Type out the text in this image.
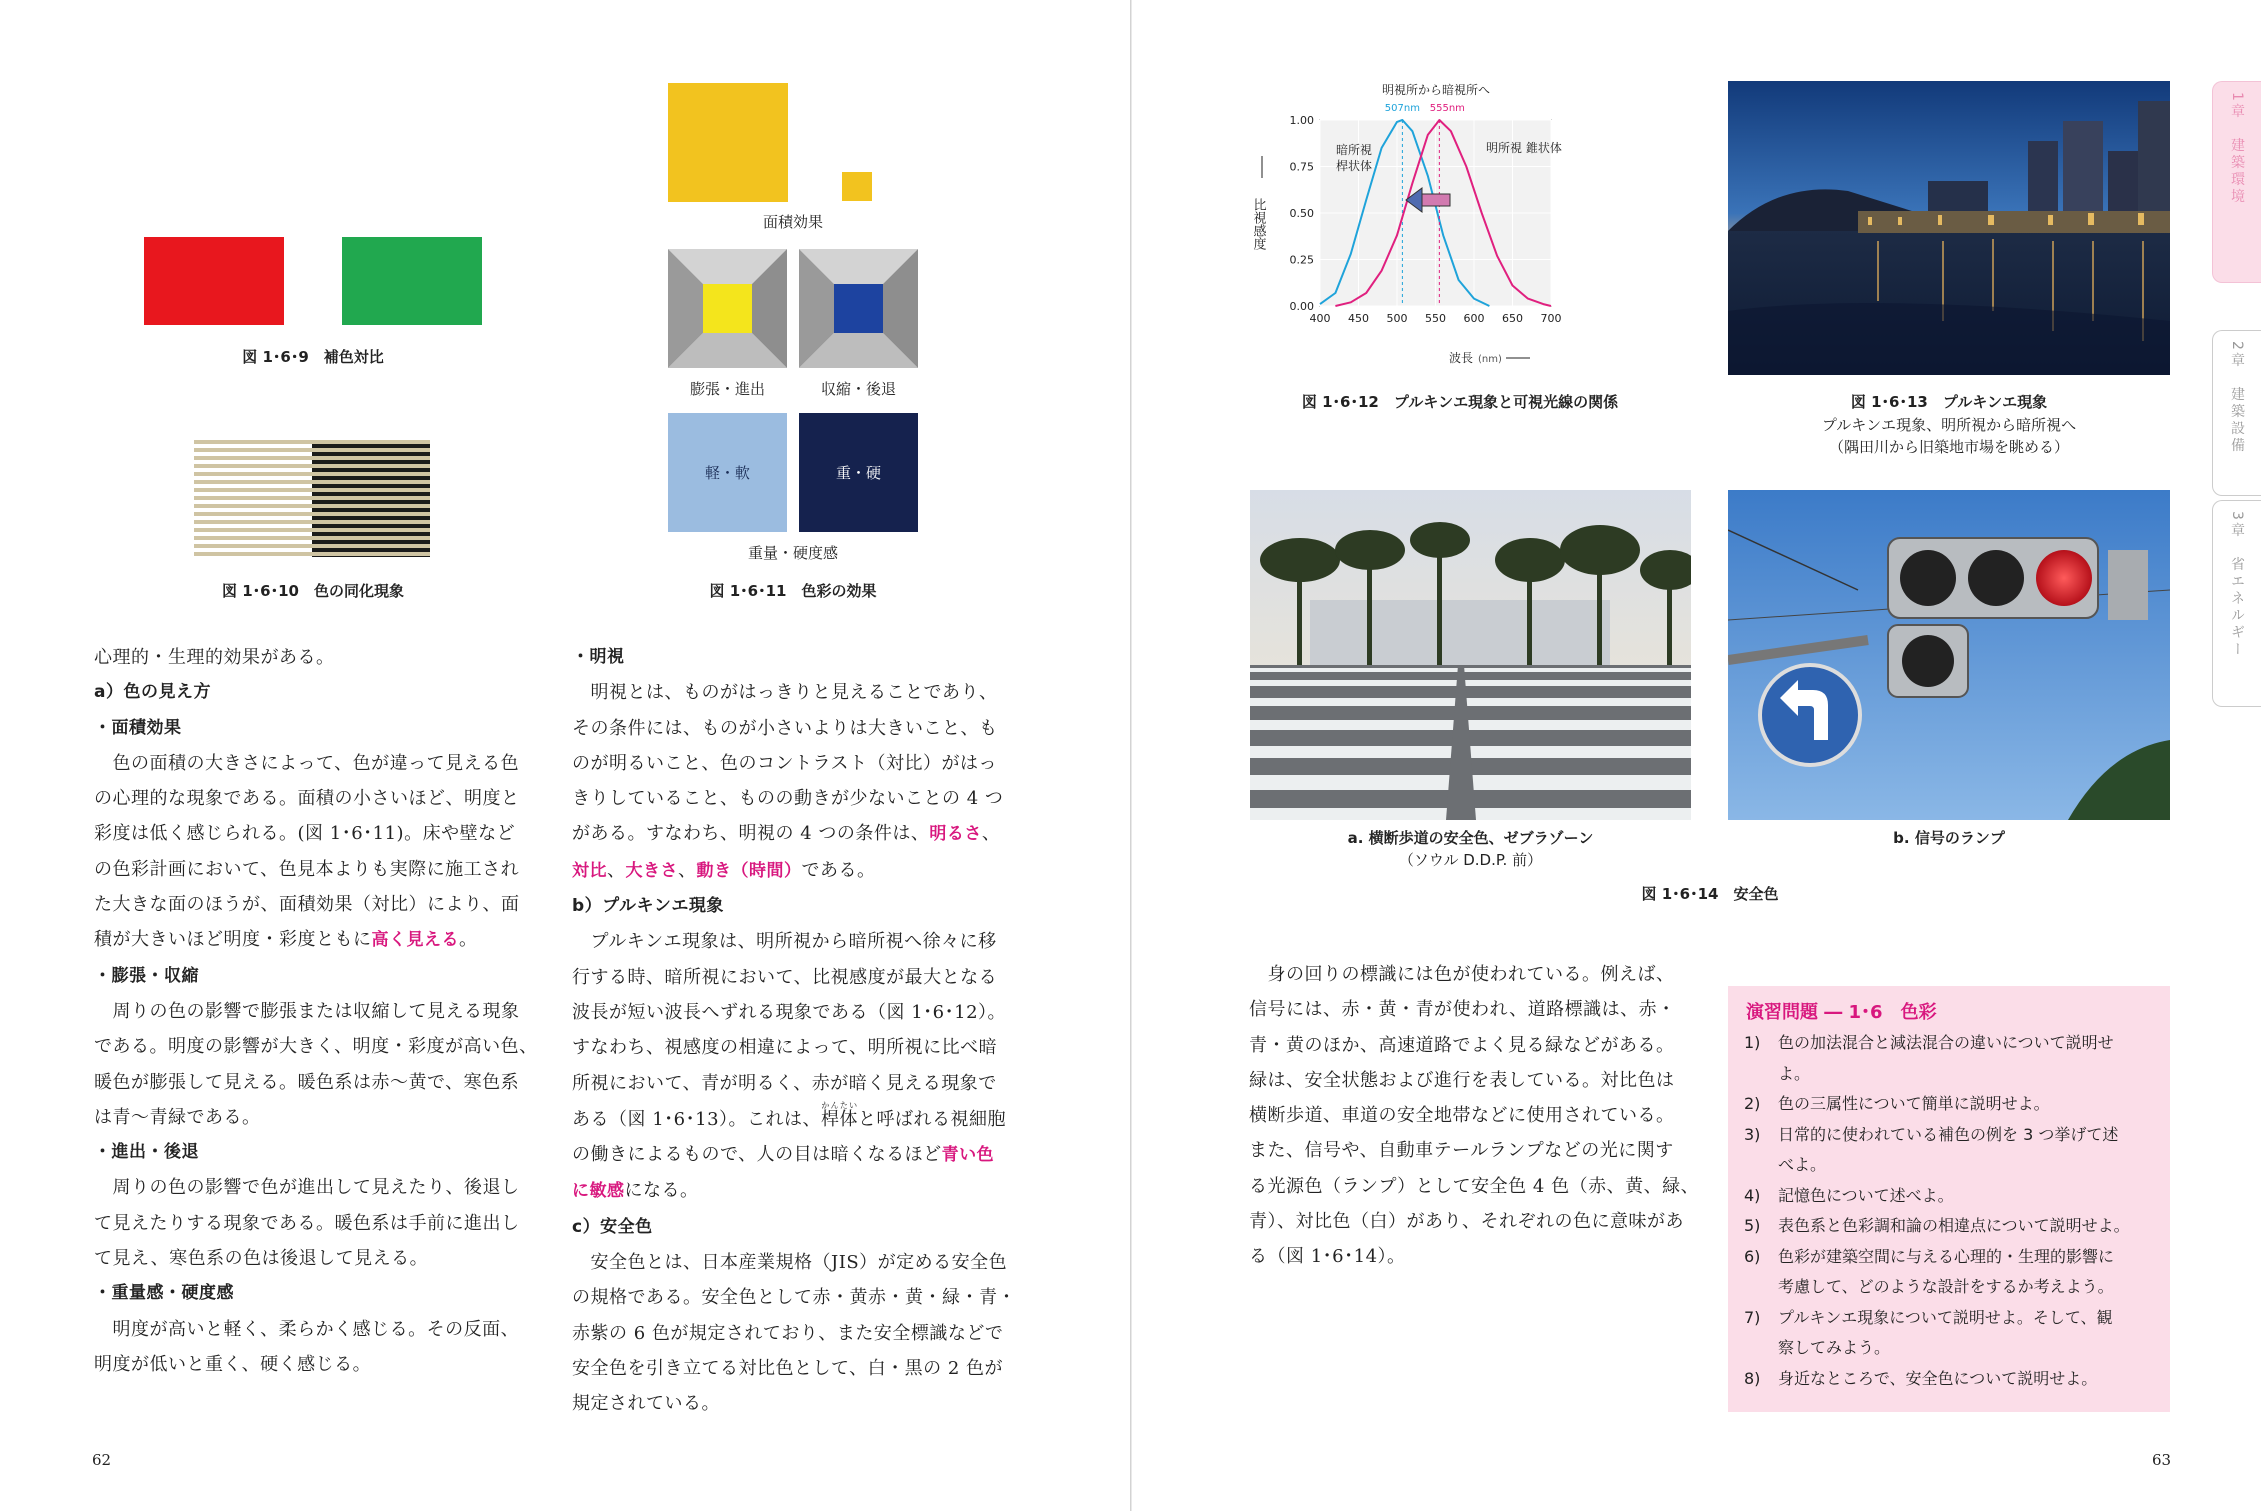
図 1･6･9　補色対比
図 1･6･10　色の同化現象
面積効果
膨張・進出	収縮・後退
軽・軟	重・硬
重量・硬度感
図 1･6･11　色彩の効果
心理的・生理的効果がある。
a）色の見え方
・面積効果
　色の面積の大きさによって、色が違って見える色
の心理的な現象である。面積の小さいほど、明度と
彩度は低く感じられる。(図 1･6･11)。床や壁など
の色彩計画において、色見本よりも実際に施工され
た大きな面のほうが、面積効果（対比）により、面
積が大きいほど明度・彩度ともに高く見える。
・膨張・収縮
　周りの色の影響で膨張または収縮して見える現象
である。明度の影響が大きく、明度・彩度が高い色、
暖色が膨張して見える。暖色系は赤〜黄で、寒色系
は青〜青緑である。
・進出・後退
　周りの色の影響で色が進出して見えたり、後退し
て見えたりする現象である。暖色系は手前に進出し
て見え、寒色系の色は後退して見える。
・重量感・硬度感
　明度が高いと軽く、柔らかく感じる。その反面、
明度が低いと重く、硬く感じる。
・明視
　明視とは、ものがはっきりと見えることであり、
その条件には、ものが小さいよりは大きいこと、も
のが明るいこと、色のコントラスト（対比）がはっ
きりしていること、ものの動きが少ないことの 4 つ
がある。すなわち、明視の 4 つの条件は、明るさ、
対比、大きさ、動き（時間）である。
b）プルキンエ現象
　プルキンエ現象は、明所視から暗所視へ徐々に移
行する時、暗所視において、比視感度が最大となる
波長が短い波長へずれる現象である（図 1･6･12）。
すなわち、視感度の相違によって、明所視に比べ暗
所視において、青が明るく、赤が暗く見える現象で
ある（図 1･6･13）。これは、桿体かんたいと呼ばれる視細胞
の働きによるもので、人の目は暗くなるほど青い色
に敏感になる。
c）安全色
　安全色とは、日本産業規格（JIS）が定める安全色
の規格である。安全色として赤・黄赤・黄・緑・青・
赤紫の 6 色が規定されており、また安全標識などで
安全色を引き立てる対比色として、白・黒の 2 色が
規定されている。
62
明視所から暗視所へ
507nm 555nm
1.00
0.75
0.50
0.25
0.00
400 450 500 550 600 650 700
暗所視
桿状体
明所視 錐状体
比視感度
波長 (nm)
図 1･6･12　プルキンエ現象と可視光線の関係	図 1･6･13　プルキンエ現象
プルキンエ現象、明所視から暗所視へ
（隅田川から旧築地市場を眺める）
a. 横断歩道の安全色、ゼブラゾーン
（ソウル D.D.P. 前）
b. 信号のランプ
図 1･6･14　安全色
　身の回りの標識には色が使われている。例えば、
信号には、赤・黄・青が使われ、道路標識は、赤・
青・黄のほか、高速道路でよく見る緑などがある。
緑は、安全状態および進行を表している。対比色は
横断歩道、車道の安全地帯などに使用されている。
また、信号や、自動車テールランプなどの光に関す
る光源色（ランプ）として安全色 4 色（赤、黄、緑、
青）、対比色（白）があり、それぞれの色に意味があ
る（図 1･6･14）。
演習問題 ― 1･6　色彩
1)	色の加法混合と減法混合の違いについて説明せ
よ。
2)	色の三属性について簡単に説明せよ。
3)	日常的に使われている補色の例を 3 つ挙げて述
べよ。
4)	記憶色について述べよ。
5)	表色系と色彩調和論の相違点について説明せよ。
6)	色彩が建築空間に与える心理的・生理的影響に
考慮して、どのような設計をするか考えよう。
7)	プルキンエ現象について説明せよ。そして、観
察してみよう。
8)	身近なところで、安全色について説明せよ。
63
1章　建築環境
2章　建築設備
3章　省エネルギー
